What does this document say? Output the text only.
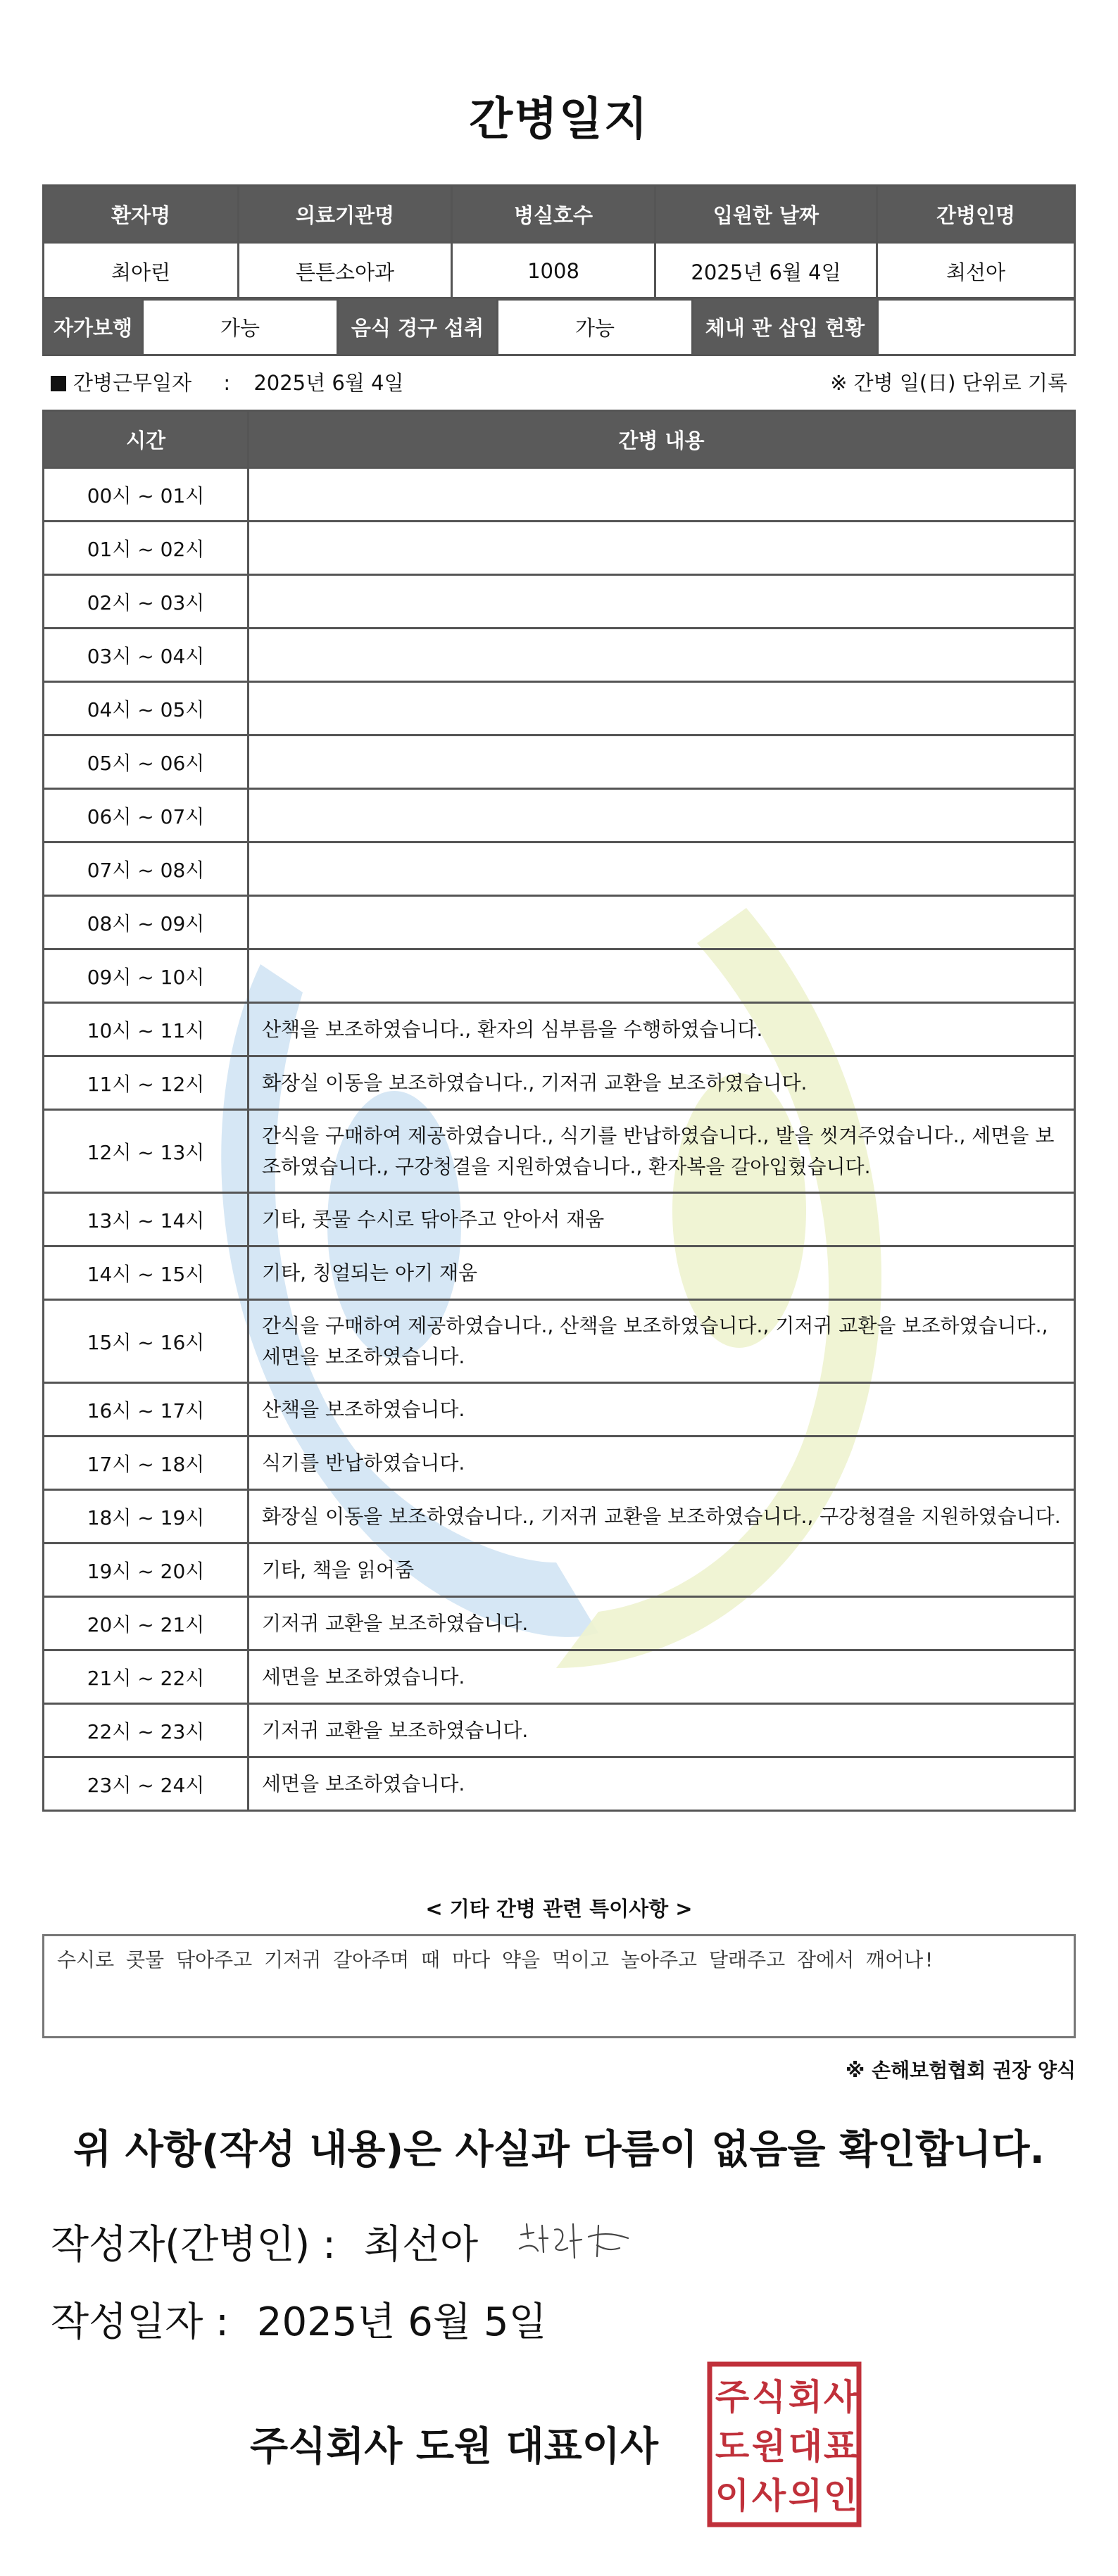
간병일지
환자명	의료기관명	병실호수	입원한 날짜	간병인명
최아린	튼튼소아과	1008	2025년 6월 4일	최선아
자가보행	가능	음식 경구 섭취	가능	체내 관 삽입 현황	
간병근무일자 : 2025년 6월 4일	※ 간병 일(日) 단위로 기록
시간	간병 내용
00시 ~ 01시	
01시 ~ 02시	
02시 ~ 03시	
03시 ~ 04시	
04시 ~ 05시	
05시 ~ 06시	
06시 ~ 07시	
07시 ~ 08시	
08시 ~ 09시	
09시 ~ 10시	
10시 ~ 11시	산책을 보조하였습니다., 환자의 심부름을 수행하였습니다.
11시 ~ 12시	화장실 이동을 보조하였습니다., 기저귀 교환을 보조하였습니다.
12시 ~ 13시	간식을 구매하여 제공하였습니다., 식기를 반납하였습니다., 발을 씻겨주었습니다., 세면을 보조하였습니다., 구강청결을 지원하였습니다., 환자복을 갈아입혔습니다.
13시 ~ 14시	기타, 콧물 수시로 닦아주고 안아서 재움
14시 ~ 15시	기타, 칭얼되는 아기 재움
15시 ~ 16시	간식을 구매하여 제공하였습니다., 산책을 보조하였습니다., 기저귀 교환을 보조하였습니다., 세면을 보조하였습니다.
16시 ~ 17시	산책을 보조하였습니다.
17시 ~ 18시	식기를 반납하였습니다.
18시 ~ 19시	화장실 이동을 보조하였습니다., 기저귀 교환을 보조하였습니다., 구강청결을 지원하였습니다.
19시 ~ 20시	기타, 책을 읽어줌
20시 ~ 21시	기저귀 교환을 보조하였습니다.
21시 ~ 22시	세면을 보조하였습니다.
22시 ~ 23시	기저귀 교환을 보조하였습니다.
23시 ~ 24시	세면을 보조하였습니다.
< 기타 간병 관련 특이사항 >
수시로 콧물 닦아주고 기저귀 갈아주며 때 마다 약을 먹이고 놀아주고 달래주고 잠에서 깨어나!
※ 손해보험협회 권장 양식
위 사항(작성 내용)은 사실과 다름이 없음을 확인합니다.
작성자(간병인) : 최선아
작성일자 : 2025년 6월 5일
주식회사 도원 대표이사
주 식 회 사
도 원 대 표
이 사 의 인
